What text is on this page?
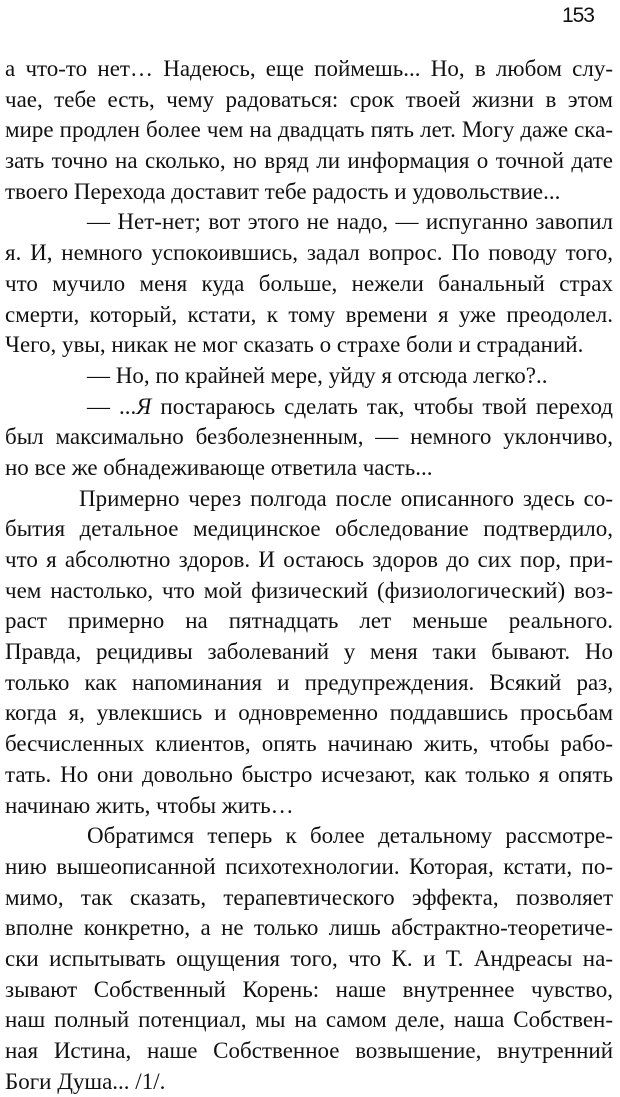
153
а что-то нет… Надеюсь, еще поймешь... Но, в любом слу-
чае, тебе есть, чему радоваться: срок твоей жизни в этом
мире продлен более чем на двадцать пять лет. Могу даже ска-
зать точно на сколько, но вряд ли информация о точной дате
твоего Перехода доставит тебе радость и удовольствие...
— Нет-нет; вот этого не надо, — испуганно завопил
я. И, немного успокоившись, задал вопрос. По поводу того,
что мучило меня куда больше, нежели банальный страх
смерти, который, кстати, к тому времени я уже преодолел.
Чего, увы, никак не мог сказать о страхе боли и страданий.
— Но, по крайней мере, уйду я отсюда легко?..
— ...Я постараюсь сделать так, чтобы твой переход
был максимально безболезненным, — немного уклончиво,
но все же обнадеживающе ответила часть...
Примерно через полгода после описанного здесь со-
бытия детальное медицинское обследование подтвердило,
что я абсолютно здоров. И остаюсь здоров до сих пор, при-
чем настолько, что мой физический (физиологический) воз-
раст примерно на пятнадцать лет меньше реального.
Правда, рецидивы заболеваний у меня таки бывают. Но
только как напоминания и предупреждения. Всякий раз,
когда я, увлекшись и одновременно поддавшись просьбам
бесчисленных клиентов, опять начинаю жить, чтобы рабо-
тать. Но они довольно быстро исчезают, как только я опять
начинаю жить, чтобы жить…
Обратимся теперь к более детальному рассмотре-
нию вышеописанной психотехнологии. Которая, кстати, по-
мимо, так сказать, терапевтического эффекта, позволяет
вполне конкретно, а не только лишь абстрактно-теоретиче-
ски испытывать ощущения того, что К. и Т. Андреасы на-
зывают Собственный Корень: наше внутреннее чувство,
наш полный потенциал, мы на самом деле, наша Собствен-
ная Истина, наше Собственное возвышение, внутренний
Боги Душа... /1/.
